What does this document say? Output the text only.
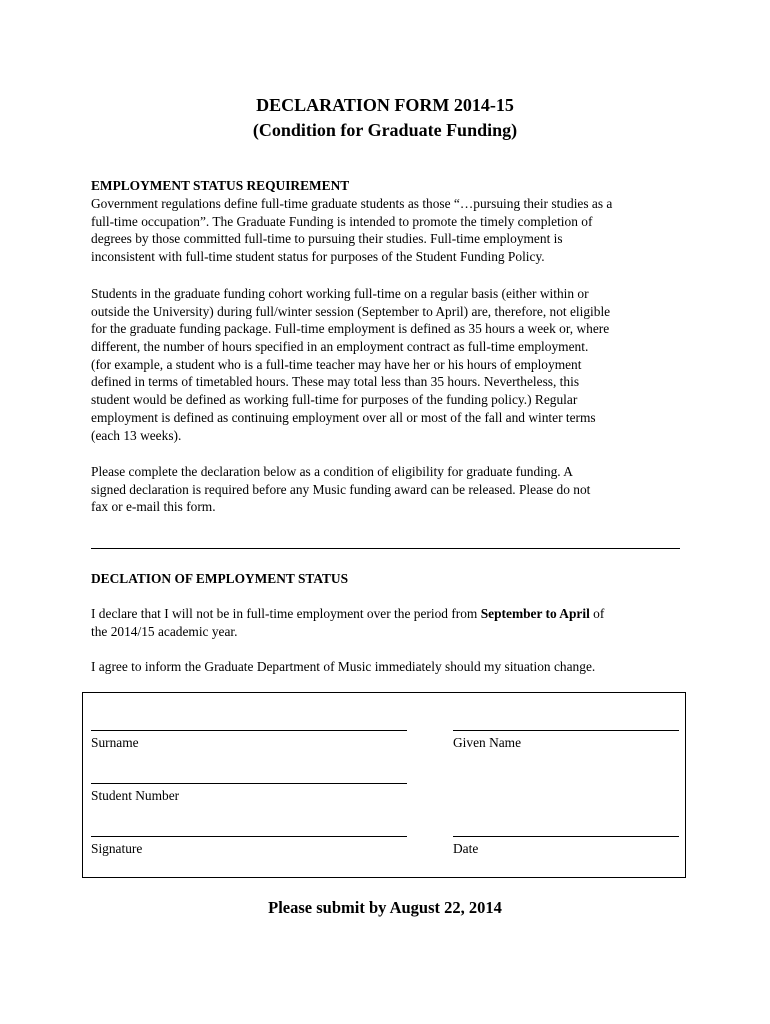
DECLARATION FORM 2014-15
(Condition for Graduate Funding)
EMPLOYMENT STATUS REQUIREMENT
Government regulations define full-time graduate students as those “…pursuing their studies as a
full-time occupation”. The Graduate Funding is intended to promote the timely completion of
degrees by those committed full-time to pursuing their studies. Full-time employment is
inconsistent with full-time student status for purposes of the Student Funding Policy.
Students in the graduate funding cohort working full-time on a regular basis (either within or
outside the University) during full/winter session (September to April) are, therefore, not eligible
for the graduate funding package. Full-time employment is defined as 35 hours a week or, where
different, the number of hours specified in an employment contract as full-time employment.
(for example, a student who is a full-time teacher may have her or his hours of employment
defined in terms of timetabled hours. These may total less than 35 hours. Nevertheless, this
student would be defined as working full-time for purposes of the funding policy.) Regular
employment is defined as continuing employment over all or most of the fall and winter terms
(each 13 weeks).
Please complete the declaration below as a condition of eligibility for graduate funding. A
signed declaration is required before any Music funding award can be released. Please do not
fax or e-mail this form.
DECLATION OF EMPLOYMENT STATUS
I declare that I will not be in full-time employment over the period from September to April of
the 2014/15 academic year.
I agree to inform the Graduate Department of Music immediately should my situation change.
Surname	Given Name
Student Number
Signature	Date
Please submit by August 22, 2014
